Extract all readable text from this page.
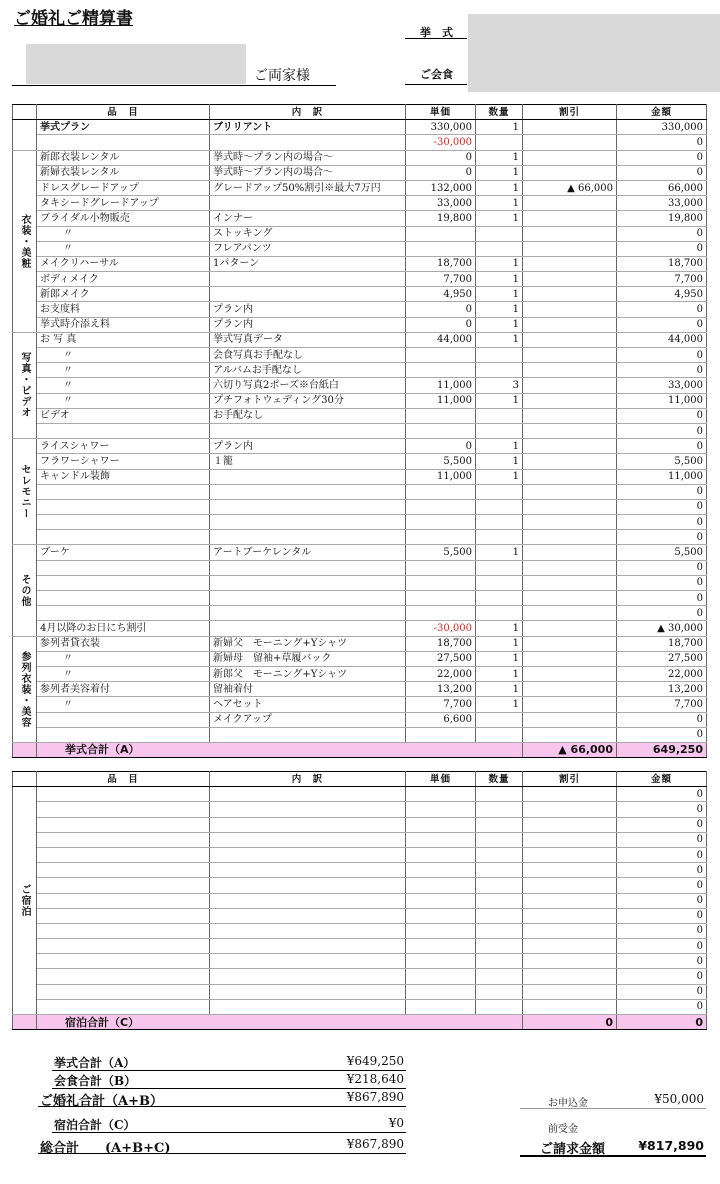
ご婚礼ご精算書
挙　式
ご両家様	ご会食
	品　目	内　訳	単価	数量	割引	金額
	挙式プラン	ブリリアント	330,000	1		330,000
			-30,000			0
衣装・美粧	新郎衣装レンタル	挙式時～プラン内の場合～	0	1		0
	新婦衣装レンタル	挙式時～プラン内の場合～	0	1		0
	ドレスグレードアップ	グレードアップ50%割引※最大7万円	132,000	1	▲ 66,000	66,000
	タキシードグレードアップ		33,000	1		33,000
	ブライダル小物販売	インナー	19,800	1		19,800
	〃	ストッキング				0
	〃	フレアパンツ				0
	メイクリハーサル	1パターン	18,700	1		18,700
	ボディメイク		7,700	1		7,700
	新郎メイク		4,950	1		4,950
	お支度料	プラン内	0	1		0
	挙式時介添え料	プラン内	0	1		0
写真・ビデオ	お 写 真	挙式写真データ	44,000	1		44,000
	〃	会食写真お手配なし				0
	〃	アルバムお手配なし				0
	〃	六切り写真2ポーズ※台紙白	11,000	3		33,000
	〃	プチフォトウェディング30分	11,000	1		11,000
	ビデオ	お手配なし				0
						0
セレモニー	ライスシャワー	プラン内	0	1		0
	フラワーシャワー	１籠	5,500	1		5,500
	キャンドル装飾		11,000	1		11,000
						0
						0
						0
						0
その他	ブーケ	アートブーケレンタル	5,500	1		5,500
						0
						0
						0
						0
	4月以降のお日にち割引		-30,000	1		▲ 30,000
参列衣装・美容	参列者貸衣装	新婦父　モーニング+Yシャツ	18,700	1		18,700
	〃	新婦母　留袖+草履バック	27,500	1		27,500
	〃	新郎父　モーニング+Yシャツ	22,000	1		22,000
	参列者美容着付	留袖着付	13,200	1		13,200
	〃	ヘアセット	7,700	1		7,700
		メイクアップ	6,600			0
						0
	挙式合計（A）				▲ 66,000	649,250
	品　目	内　訳	単価	数量	割引	金額
ご宿泊						0
						0
						0
						0
						0
						0
						0
						0
						0
						0
						0
						0
						0
						0
						0
	宿泊合計（C）				0	0
挙式合計（A）	¥649,250
会食合計（B）	¥218,640
ご婚礼合計（A+B）	¥867,890
宿泊合計（C）	¥0
総合計　　(A+B+C)	¥867,890
お申込金	¥50,000
前受金
ご請求金額	¥817,890
